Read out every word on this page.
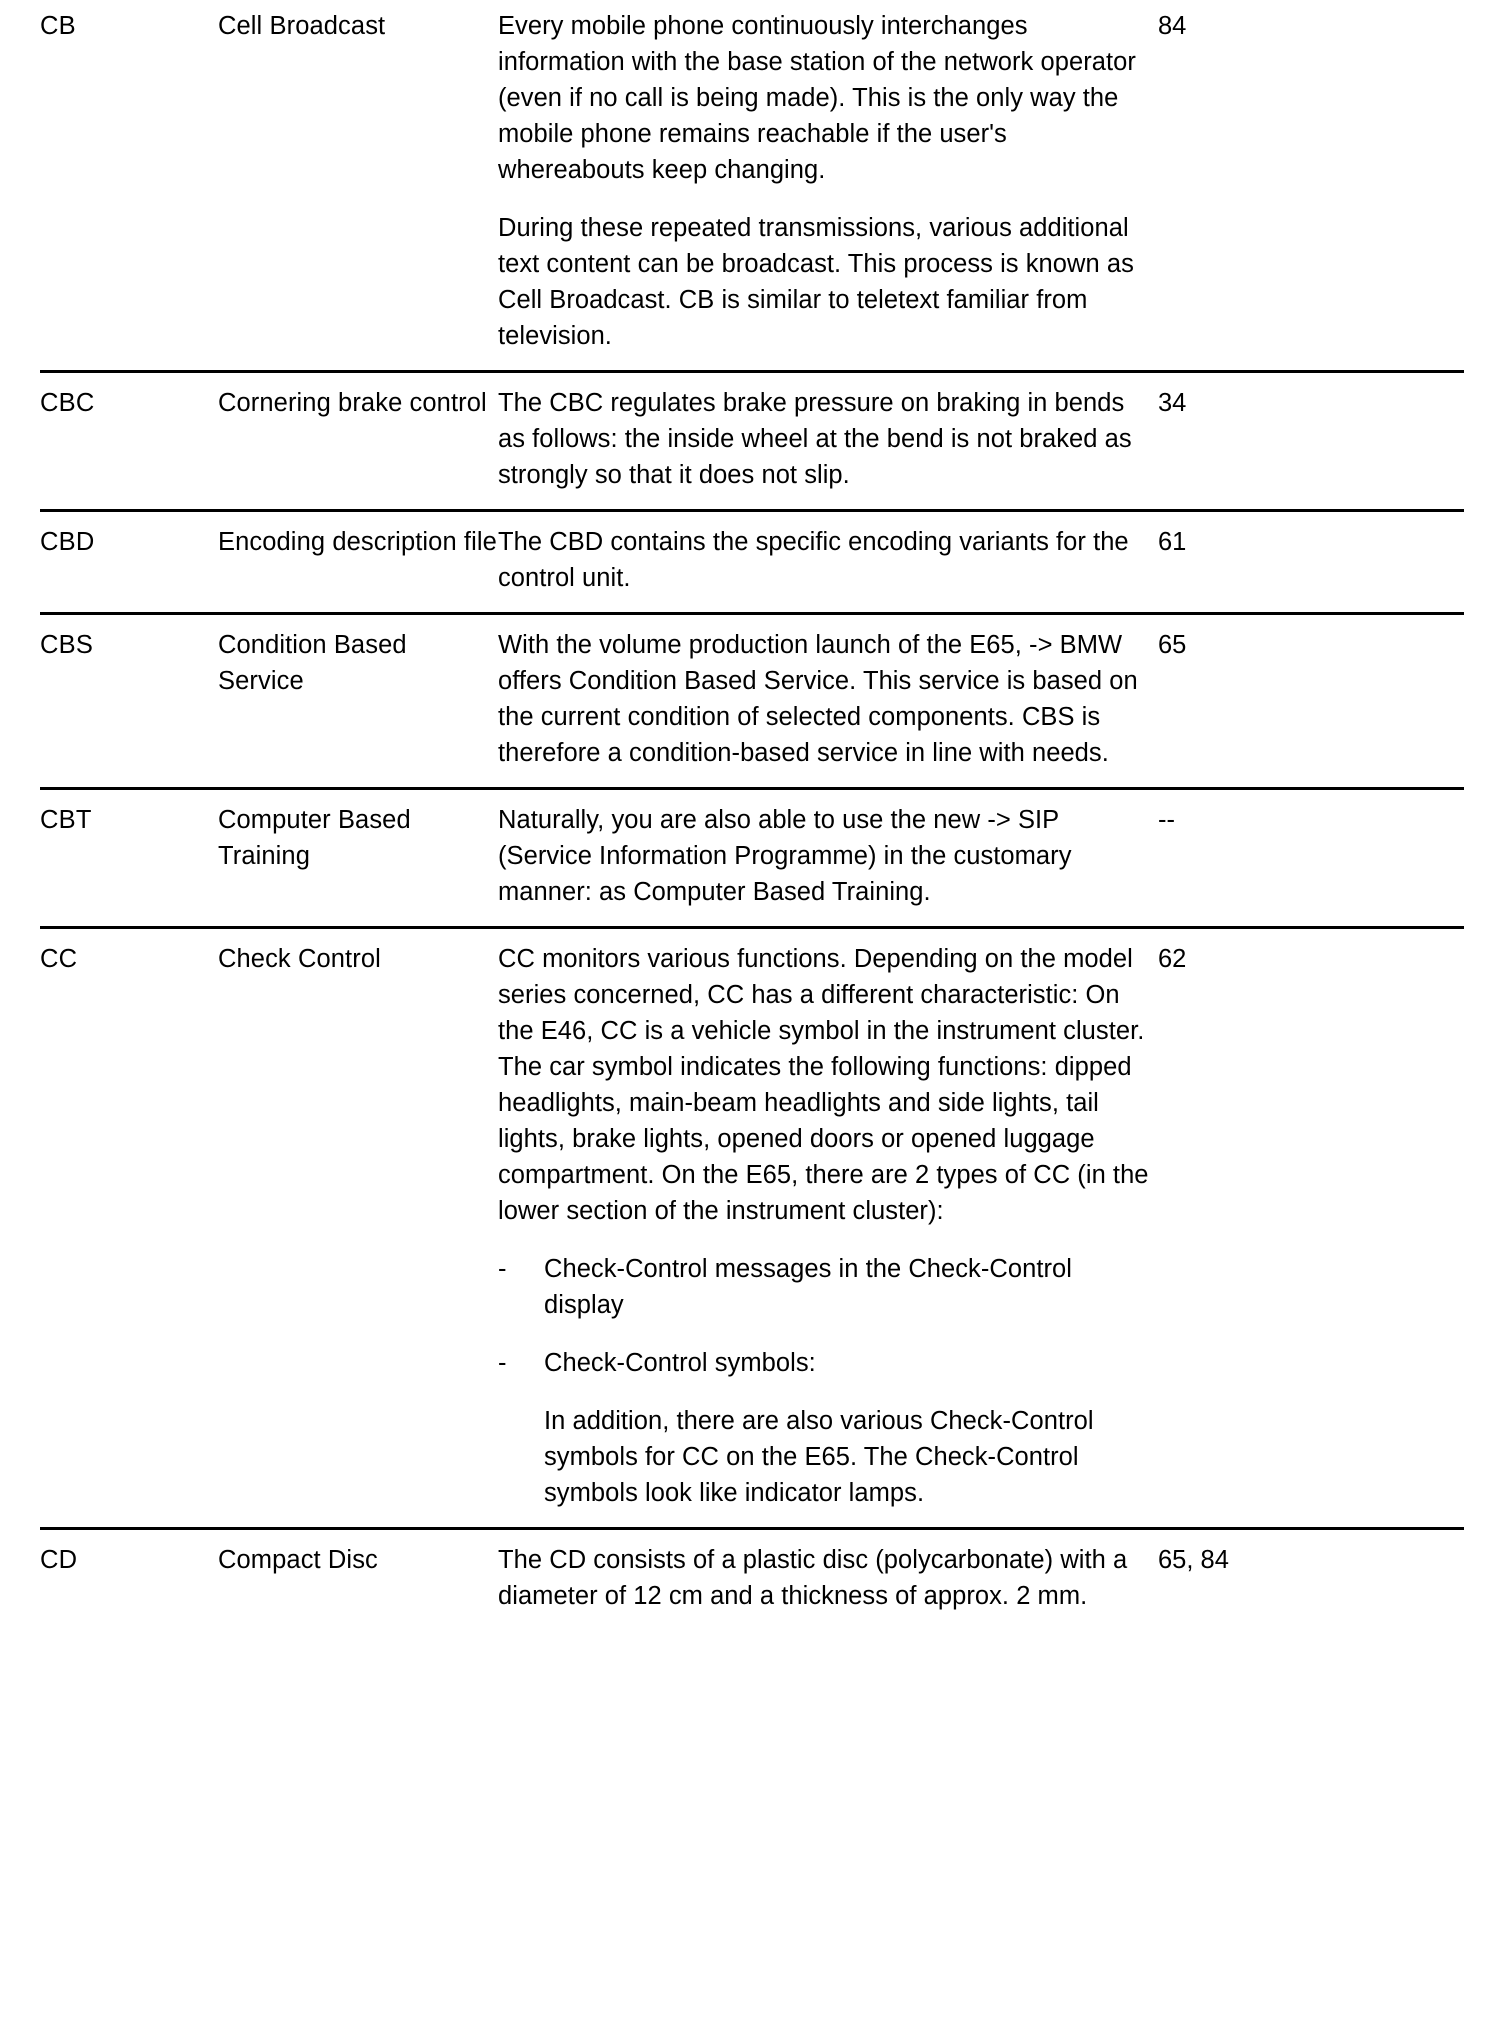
CB	Cell Broadcast	Every mobile phone continuously interchanges information with the base station of the network operator (even if no call is being made). This is the only way the mobile phone remains reachable if the user's whereabouts keep changing.

During these repeated transmissions, various additional text content can be broadcast. This process is known as Cell Broadcast. CB is similar to teletext familiar from television.	84
CBC	Cornering brake control	The CBC regulates brake pressure on braking in bends as follows: the inside wheel at the bend is not braked as strongly so that it does not slip.	34
CBD	Encoding description file	The CBD contains the specific encoding variants for the control unit.	61
CBS	Condition Based Service	With the volume production launch of the E65, -> BMW offers Condition Based Service. This service is based on the current condition of selected components. CBS is therefore a condition-based service in line with needs.	65
CBT	Computer Based Training	Naturally, you are also able to use the new -> SIP (Service Information Programme) in the customary manner: as Computer Based Training.	--
CC	Check Control	CC monitors various functions. Depending on the model series concerned, CC has a different characteristic: On the E46, CC is a vehicle symbol in the instrument cluster. The car symbol indicates the following functions: dipped headlights, main-beam headlights and side lights, tail lights, brake lights, opened doors or opened luggage compartment. On the E65, there are 2 types of CC (in the lower section of the instrument cluster):

-	Check-Control messages in the Check-Control display
-	Check-Control symbols:
In addition, there are also various Check-Control symbols for CC on the E65. The Check-Control symbols look like indicator lamps.
	62
CD	Compact Disc	The CD consists of a plastic disc (polycarbonate) with a diameter of 12 cm and a thickness of approx. 2 mm.	65, 84
